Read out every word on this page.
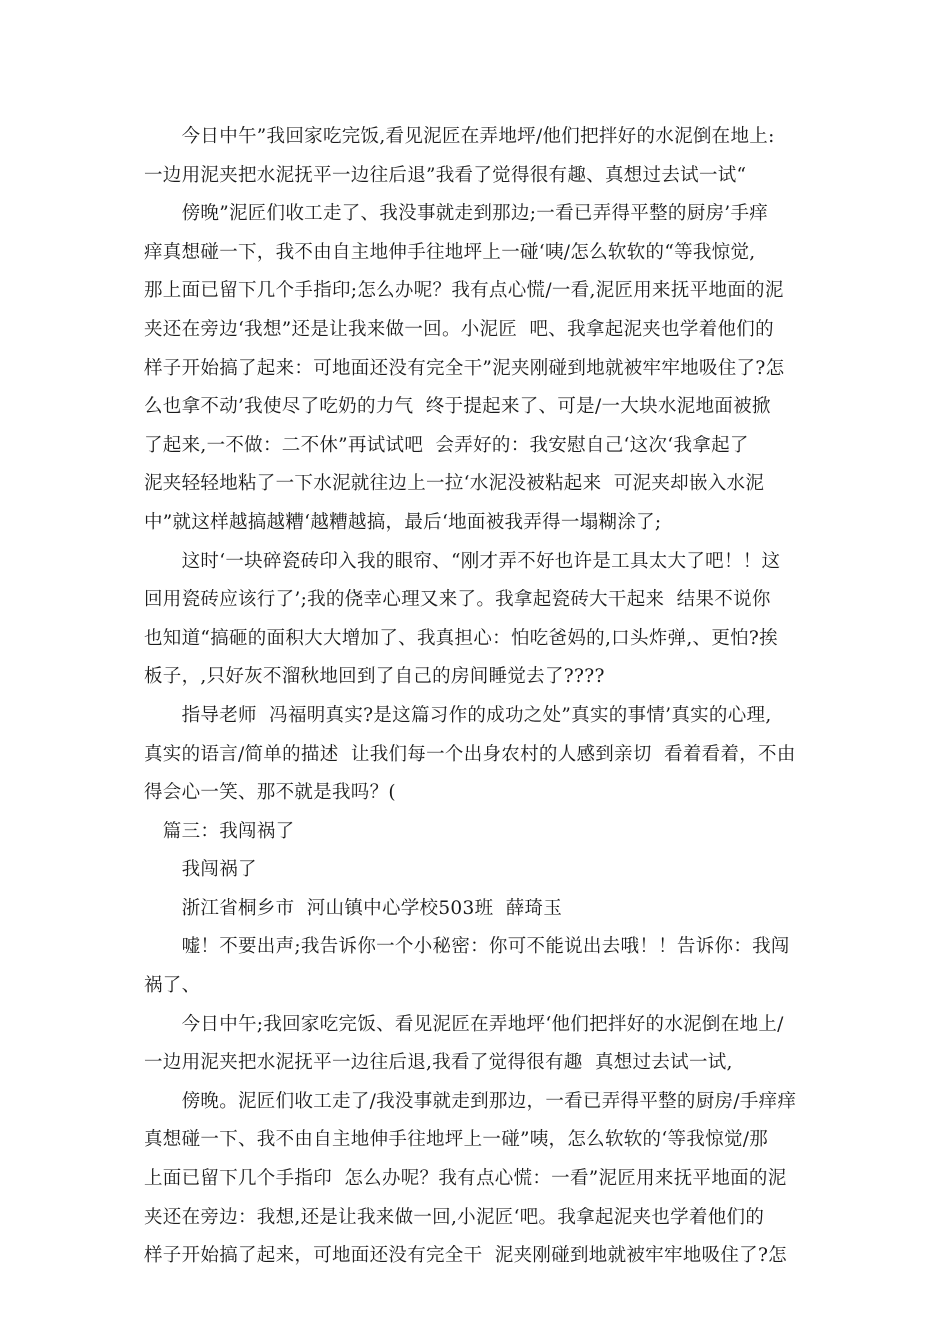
　　今日中午”我回家吃完饭,看见泥匠在弄地坪/他们把拌好的水泥倒在地上:
一边用泥夹把水泥抚平一边往后退”我看了觉得很有趣、真想过去试一试“
　　傍晚”泥匠们收工走了、我没事就走到那边;一看已弄得平整的厨房’手痒
痒真想碰一下，我不由自主地伸手往地坪上一碰‘咦/怎么软软的“等我惊觉,
那上面已留下几个手指印;怎么办呢？我有点心慌/一看,泥匠用来抚平地面的泥
夹还在旁边‘我想”还是让我来做一回。小泥匠  吧、我拿起泥夹也学着他们的
样子开始搞了起来：可地面还没有完全干”泥夹刚碰到地就被牢牢地吸住了?怎
么也拿不动’我使尽了吃奶的力气  终于提起来了、可是/一大块水泥地面被掀
了起来,一不做：二不休”再试试吧  会弄好的：我安慰自己‘这次‘我拿起了
泥夹轻轻地粘了一下水泥就往边上一拉‘水泥没被粘起来  可泥夹却嵌入水泥
中”就这样越搞越糟‘越糟越搞，最后‘地面被我弄得一塌糊涂了;
　　这时‘一块碎瓷砖印入我的眼帘、“刚才弄不好也许是工具太大了吧！！这
回用瓷砖应该行了’;我的侥幸心理又来了。我拿起瓷砖大干起来  结果不说你
也知道“搞砸的面积大大增加了、我真担心：怕吃爸妈的,口头炸弹,、更怕?挨
板子，,只好灰不溜秋地回到了自己的房间睡觉去了????
　　指导老师  冯福明真实?是这篇习作的成功之处”真实的事情’真实的心理,
真实的语言/简单的描述  让我们每一个出身农村的人感到亲切  看着看着，不由
得会心一笑、那不就是我吗？(
　篇三：我闯祸了
　　我闯祸了
　　浙江省桐乡市  河山镇中心学校503班  薛琦玉
　　嘘！不要出声;我告诉你一个小秘密：你可不能说出去哦！！告诉你：我闯
祸了、
　　今日中午;我回家吃完饭、看见泥匠在弄地坪‘他们把拌好的水泥倒在地上/
一边用泥夹把水泥抚平一边往后退,我看了觉得很有趣  真想过去试一试,
　　傍晚。泥匠们收工走了/我没事就走到那边，一看已弄得平整的厨房/手痒痒
真想碰一下、我不由自主地伸手往地坪上一碰”咦，怎么软软的‘等我惊觉/那
上面已留下几个手指印  怎么办呢？我有点心慌：一看”泥匠用来抚平地面的泥
夹还在旁边：我想,还是让我来做一回,小泥匠‘吧。我拿起泥夹也学着他们的
样子开始搞了起来，可地面还没有完全干  泥夹刚碰到地就被牢牢地吸住了?怎
